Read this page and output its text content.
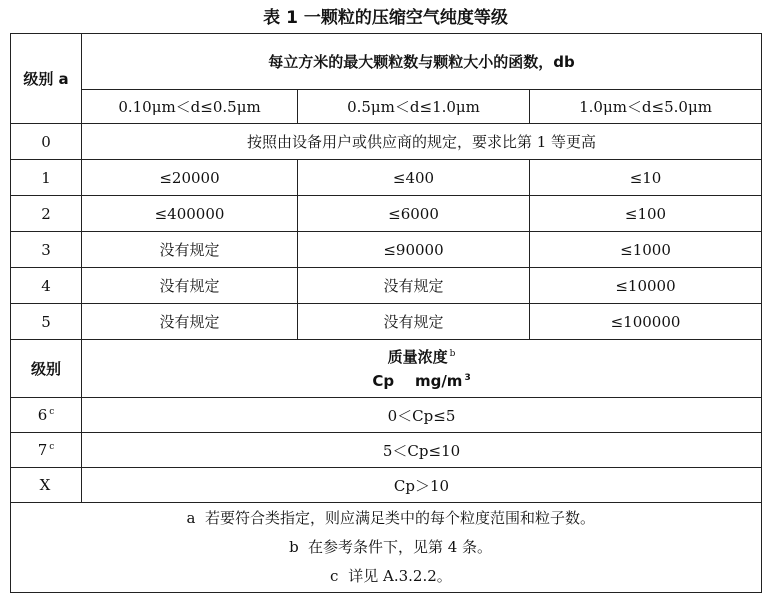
表 1 一颗粒的压缩空气纯度等级
级别 a	每立方米的最大颗粒数与颗粒大小的函数，db		
	0.10μm＜d≤0.5μm	0.5μm＜d≤1.0μm	1.0μm＜d≤5.0μm
0	按照由设备用户或供应商的规定，要求比第 1 等更高		
1	≤20000	≤400	≤10
2	≤400000	≤6000	≤100
3	没有规定	≤90000	≤1000
4	没有规定	没有规定	≤10000
5	没有规定	没有规定	≤100000
级别	质量浓度 $^b$
Cp    mg/m $^3$

6 $^c$	0＜Cp≤5		
7 $^c$	5＜Cp≤10		
X	Cp＞10		

a 若要符合类指定，则应满足类中的每个粒度范围和粒子数。
b 在参考条件下，见第 4 条。
c 详见 A.3.2.2。			
